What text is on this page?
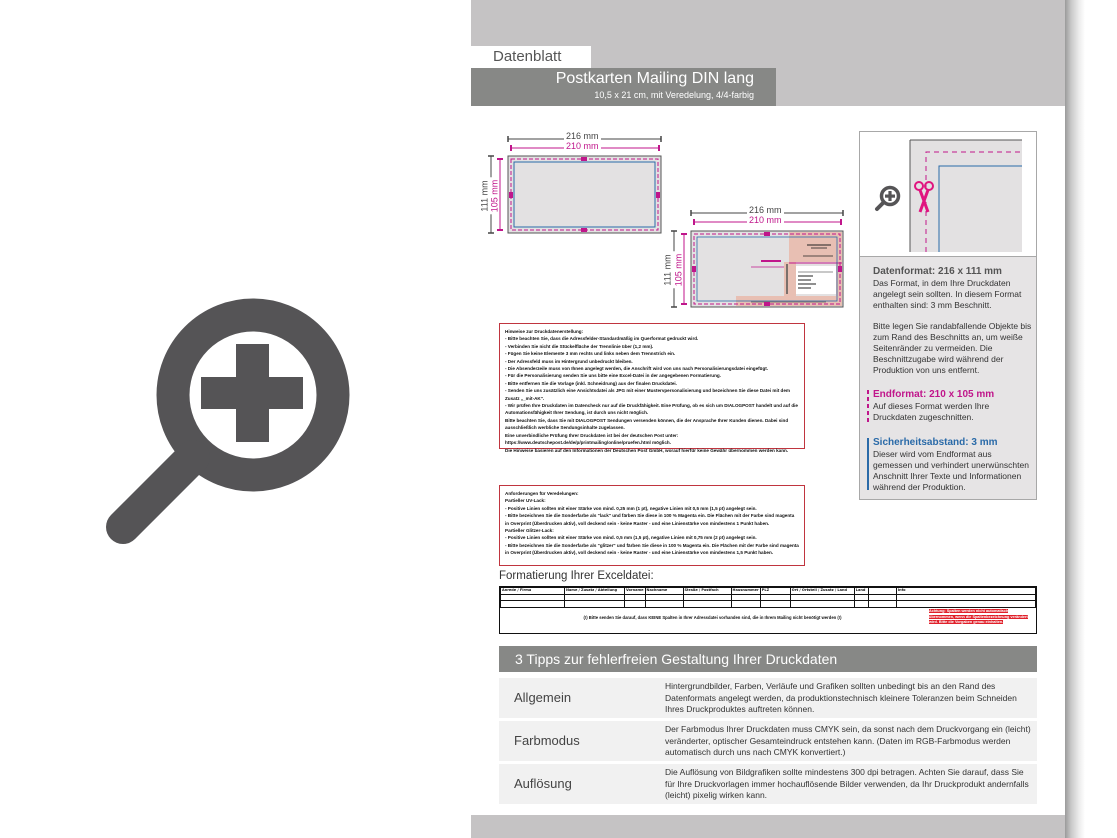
Datenblatt
Postkarten Mailing DIN lang
10,5 x 21 cm, mit Veredelung, 4/4-farbig
216 mm
210 mm
111 mm 105 mm	216 mm
210 mm
111 mm 105 mm	Datenformat: 216 x 111 mm

Das Format, in dem Ihre Druckdaten angelegt sein sollten. In diesem Format enthalten sind: 3 mm Beschnitt.

Bitte legen Sie randabfallende Objekte bis zum Rand des Beschnitts an, um weiße Seitenränder zu vermeiden. Die Beschnittzugabe wird während der Produktion von uns entfernt.

Endformat: 210 x 105 mm

Auf dieses Format werden Ihre Druckdaten zugeschnitten.

Sicherheitsabstand: 3 mm

Dieser wird vom Endformat aus gemessen und verhindert unerwünschten Anschnitt Ihrer Texte und Informationen während der Produktion.

Hinweise zur Druckdatenerstellung:
- Bitte beachten Sie, dass die Adressfelder-Standardmäßig im Querformat gedruckt wird.
- Verbinden Sie nicht die Stückelfläche der Trennlinie über (1,2 mm).
- Fügen Sie keine Elemente 3 mm rechts und links neben dem Trennstrich ein.
- Der Adressfeld muss im Hintergrund unbedruckt bleiben.
- Die Absenderzeile muss von Ihnen angelegt werden, die Anschrift wird von uns nach Personalisierungsdatei eingefügt.
- Für die Personalisierung senden Sie uns bitte eine Excel-Datei in der angegebenen Formatierung.
- Bitte entfernen Sie die Vorlage (inkl. Schneidrung) aus der finalen Druckdatei.
- Senden Sie uns zusätzlich eine Ansichtsdatei als JPG mit einer Mustervpersonalisierung und bezeichnen Sie diese Datei mit dem Zusatz „_mit-AK".
- Wir prüfen Ihre Druckdaten im Datencheck nur auf die Druckfähigkeit. Eine Prüfung, ob es sich um DIALOGPOST handelt und auf die Automationsfähigkeit Ihrer Sendung, ist durch uns nicht möglich.
Bitte beachten Sie, dass Sie mit DIALOGPOST Sendungen versenden können, die der Ansprache Ihrer Kunden dienen. Dabei sind ausschließlich werbliche Sendungsinhalte zugelassen.
Eine unverbindliche Prüfung Ihrer Druckdaten ist bei der deutschen Post unter:
https://www.deutschepost.de/de/p/printmailing/online/pruefen.html möglich.
Die Hinweise basieren auf den Informationen der Deutschen Post GmbH, worauf hierfür keine Gewähr übernommen werden kann.
Anforderungen für Veredelungen:
Partieller UV-Lack:
- Positive Linien sollten mit einer Stärke von mind. 0,25 mm (1 pt), negative Linien mit 0,5 mm (1,5 pt) angelegt sein.
- Bitte bezeichnen Sie die Sonderfarbe als "lack" und färben Sie diese in 100 % Magenta ein. Die Flächen mit der Farbe sind magenta in Overprint (Überdrucken aktiv), voll deckend sein - keine Raster - und eine Linienstärke von mindestens 1 Punkt haben.
Partieller Glitzer-Lack:
- Positive Linien sollten mit einer Stärke von mind. 0,5 mm (1,5 pt), negative Linien mit 0,75 mm (2 pt) angelegt sein.
- Bitte bezeichnen Sie die Sonderfarbe als "glitzer" und färben Sie diese in 100 % Magenta ein. Die Flächen mit der Farbe sind magenta in Overprint (Überdrucken aktiv), voll deckend sein - keine Raster - und eine Linienstärke von mindestens 1,5 Punkt haben.
Formatierung Ihrer Exceldatei:
Anrede / Firma	Name / Zusatz / Abteilung	Vorname	Nachname	Straße / Postfach	Hausnummer	PLZ	Ort / Ortsteil / Zusatz / Land	Land		Info

(!) Bitte senden Sie darauf, dass KEINE Spalten in Ihrer Adressdatei vorhanden sind, die in Ihrem Mailing nicht benötigt werden (!)
Achtung: Spalten werden nicht automatisch übernommen, wenn die Spaltenbezeichnung verändert wird. Bitte die Vorgaben genau einhalten.
3 Tipps zur fehlerfreien Gestaltung Ihrer Druckdaten
Allgemein
Hintergrundbilder, Farben, Verläufe und Grafiken sollten unbedingt bis an den Rand des Datenformats angelegt werden, da produktionstechnisch kleinere Toleranzen beim Schneiden Ihres Druckproduktes auftreten können.
Farbmodus
Der Farbmodus Ihrer Druckdaten muss CMYK sein, da sonst nach dem Druckvorgang ein (leicht) veränderter, optischer Gesamteindruck entstehen kann. (Daten im RGB-Farbmodus werden automatisch durch uns nach CMYK konvertiert.)
Auflösung
Die Auflösung von Bildgrafiken sollte mindestens 300 dpi betragen. Achten Sie darauf, dass Sie für Ihre Druckvorlagen immer hochauflösende Bilder verwenden, da Ihr Druckprodukt andernfalls (leicht) pixelig wirken kann.
